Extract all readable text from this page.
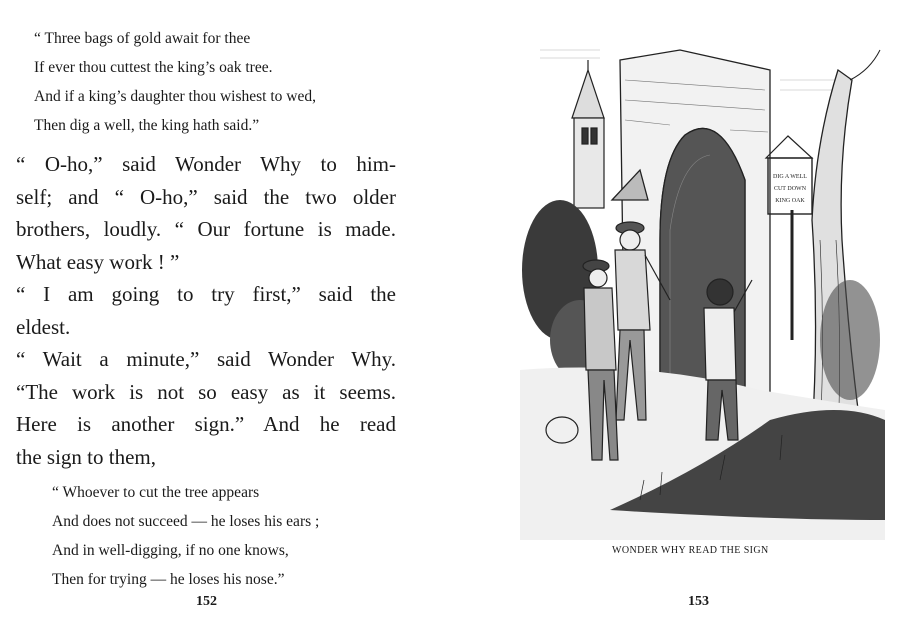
“ Three bags of gold await for thee
If ever thou cuttest the king’s oak tree.
And if a king’s daughter thou wishest to wed,
Then dig a well, the king hath said.”
“ O-ho,” said Wonder Why to him-
self; and “ O-ho,” said the two older
brothers, loudly. “ Our fortune is made.
What easy work ! ”
“ I am going to try first,” said the
eldest.
“ Wait a minute,” said Wonder Why.
“The work is not so easy as it seems.
Here is another sign.” And he read
the sign to them,
“ Whoever to cut the tree appears
And does not succeed — he loses his ears ;
And in well-digging, if no one knows,
Then for trying — he loses his nose.”
152
DIG A WELL
CUT DOWN
KING OAK
WONDER WHY READ THE SIGN
153
